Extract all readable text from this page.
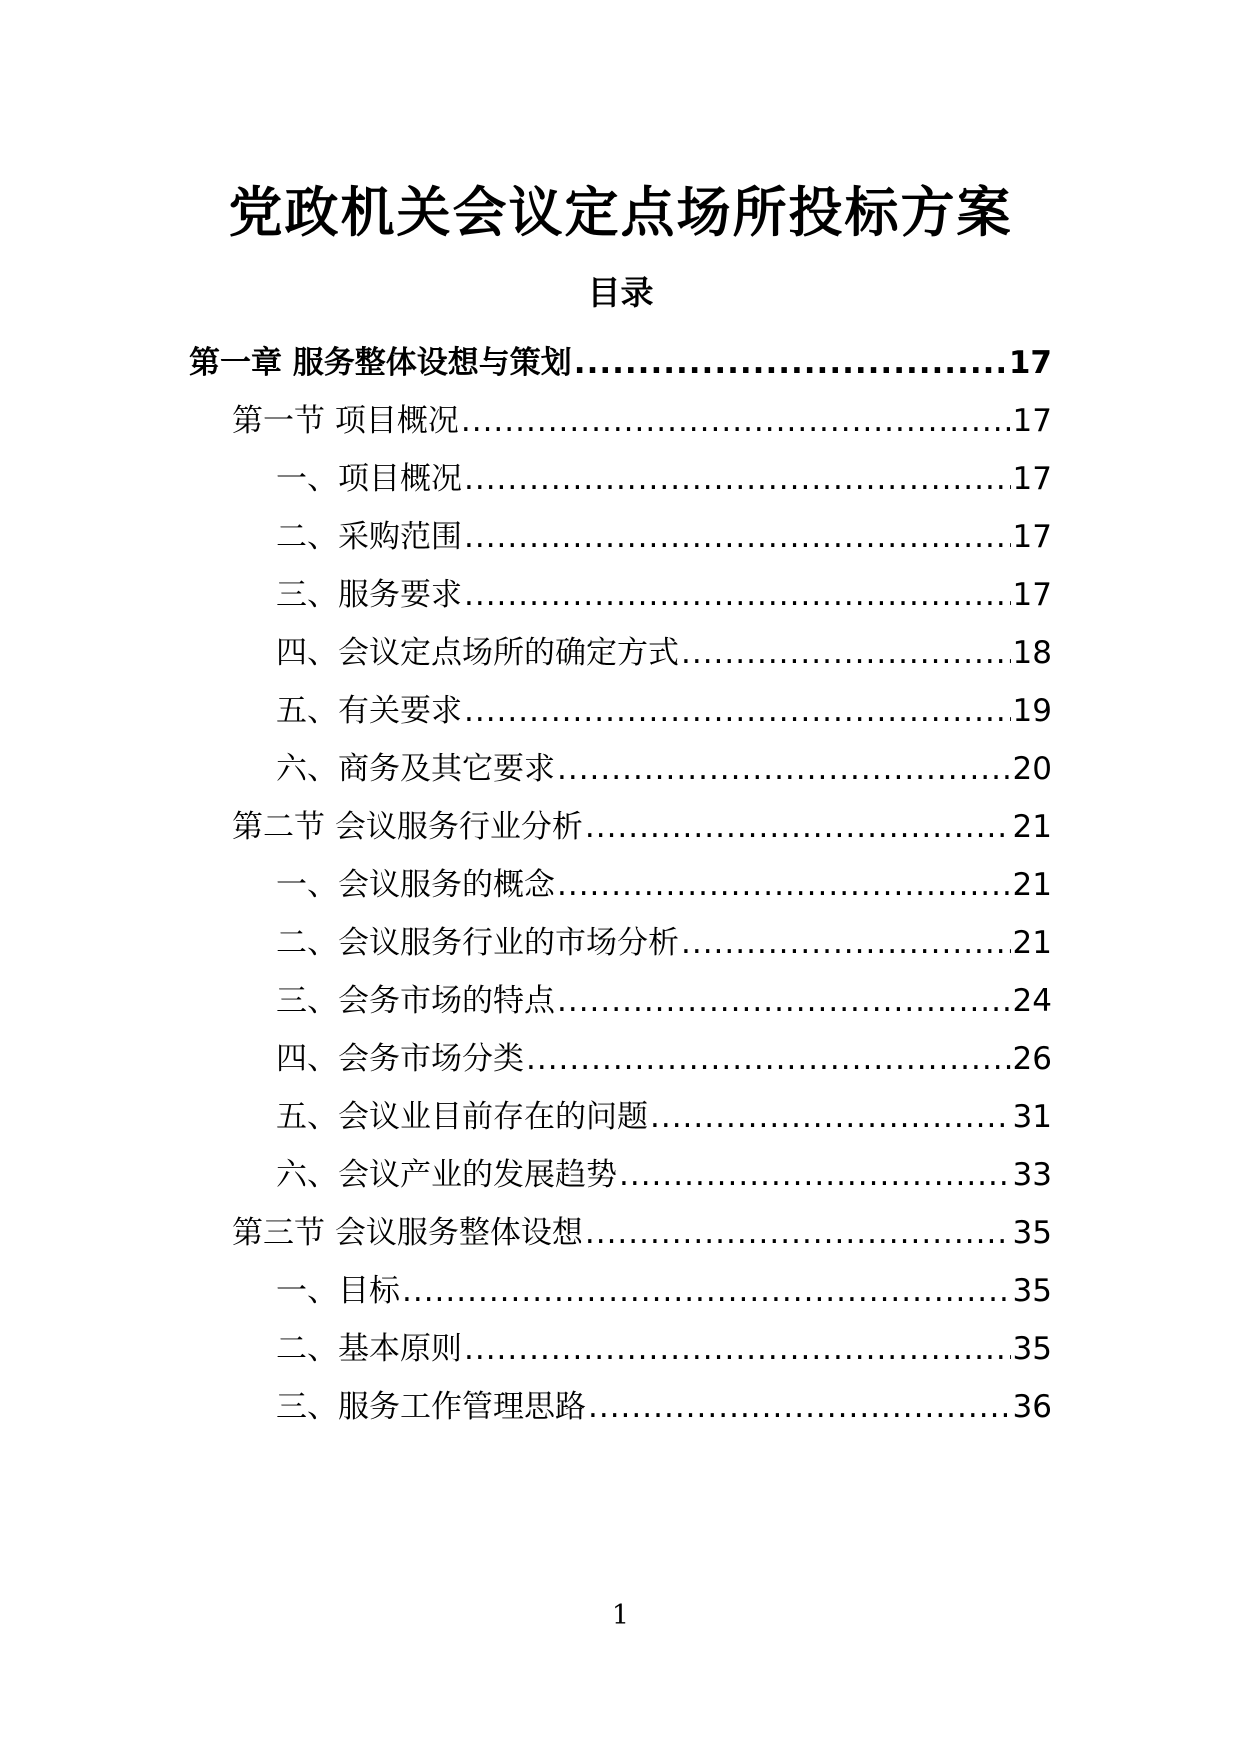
党政机关会议定点场所投标方案
目录
第一章 服务整体设想与策划 .....	17
第一节 项目概况 .....	17
一、项目概况 .....	17
二、采购范围 .....	17
三、服务要求 .....	17
四、会议定点场所的确定方式 .....	18
五、有关要求 .....	19
六、商务及其它要求 .....	20
第二节 会议服务行业分析 .....	21
一、会议服务的概念 .....	21
二、会议服务行业的市场分析 .....	21
三、会务市场的特点 .....	24
四、会务市场分类 .....	26
五、会议业目前存在的问题 .....	31
六、会议产业的发展趋势 .....	33
第三节 会议服务整体设想 .....	35
一、目标 .....	35
二、基本原则 .....	35
三、服务工作管理思路 .....	36
1
